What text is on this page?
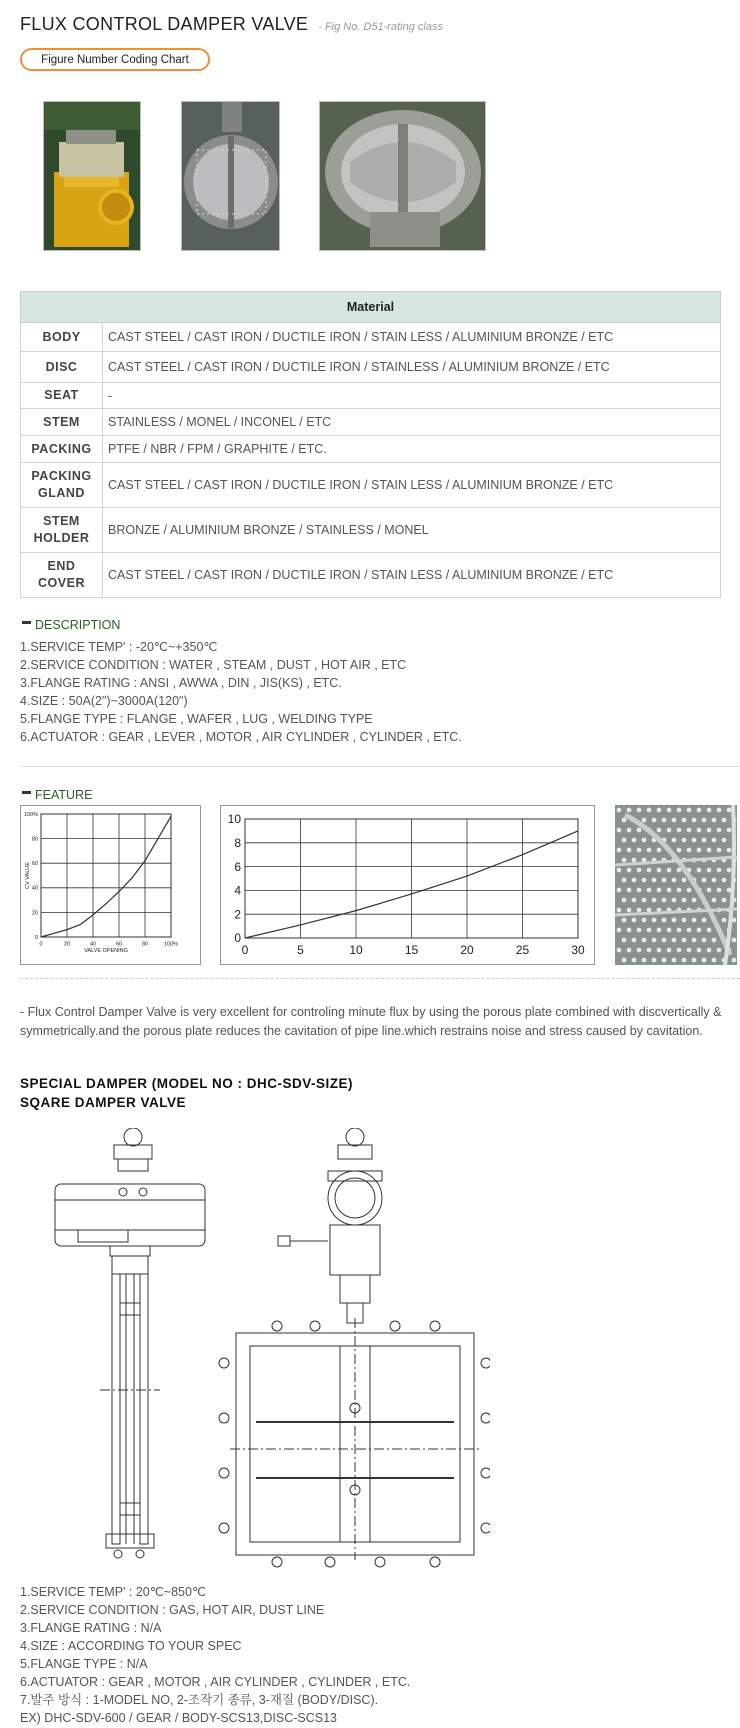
FLUX CONTROL DAMPER VALVE - Fig No. D51-rating class
Figure Number Coding Chart
Material	
BODY	CAST STEEL / CAST IRON / DUCTILE IRON / STAIN LESS / ALUMINIUM BRONZE / ETC
DISC	CAST STEEL / CAST IRON / DUCTILE IRON / STAINLESS / ALUMINIUM BRONZE / ETC
SEAT	-
STEM	STAINLESS / MONEL / INCONEL / ETC
PACKING	PTFE / NBR / FPM / GRAPHITE / ETC.
PACKING
GLAND	CAST STEEL / CAST IRON / DUCTILE IRON / STAIN LESS / ALUMINIUM BRONZE / ETC
STEM
HOLDER	BRONZE / ALUMINIUM BRONZE / STAINLESS / MONEL
END
COVER	CAST STEEL / CAST IRON / DUCTILE IRON / STAIN LESS / ALUMINIUM BRONZE / ETC
DESCRIPTION
1.SERVICE TEMP' : -20℃~+350℃
2.SERVICE CONDITION : WATER , STEAM , DUST , HOT AIR , ETC
3.FLANGE RATING : ANSI , AWWA , DIN , JIS(KS) , ETC.
4.SIZE : 50A(2")~3000A(120")
5.FLANGE TYPE : FLANGE , WAFER , LUG , WELDING TYPE
6.ACTUATOR : GEAR , LEVER , MOTOR , AIR CYLINDER , CYLINDER , ETC.
FEATURE
0	20	40	60	80	100%
0
20
40
60
80
100%
VALVE OPENING
CV VALUE
0	5	10	15	20	25	30
0
2
4
6
8
10
- Flux Control Damper Valve is very excellent for controling minute flux by using the porous plate combined with discvertically & symmetrically.and the porous plate reduces the cavitation of pipe line.which restrains noise and stress caused by cavitation.
SPECIAL DAMPER (MODEL NO : DHC-SDV-SIZE)
SQARE DAMPER VALVE
1.SERVICE TEMP' : 20℃~850℃
2.SERVICE CONDITION : GAS, HOT AIR, DUST LINE
3.FLANGE RATING : N/A
4.SIZE : ACCORDING TO YOUR SPEC
5.FLANGE TYPE : N/A
6.ACTUATOR : GEAR , MOTOR , AIR CYLINDER , CYLINDER , ETC.
7.발주 방식 : 1-MODEL NO, 2-조작기 종류, 3-재질 (BODY/DISC).
EX) DHC-SDV-600 / GEAR / BODY-SCS13,DISC-SCS13
